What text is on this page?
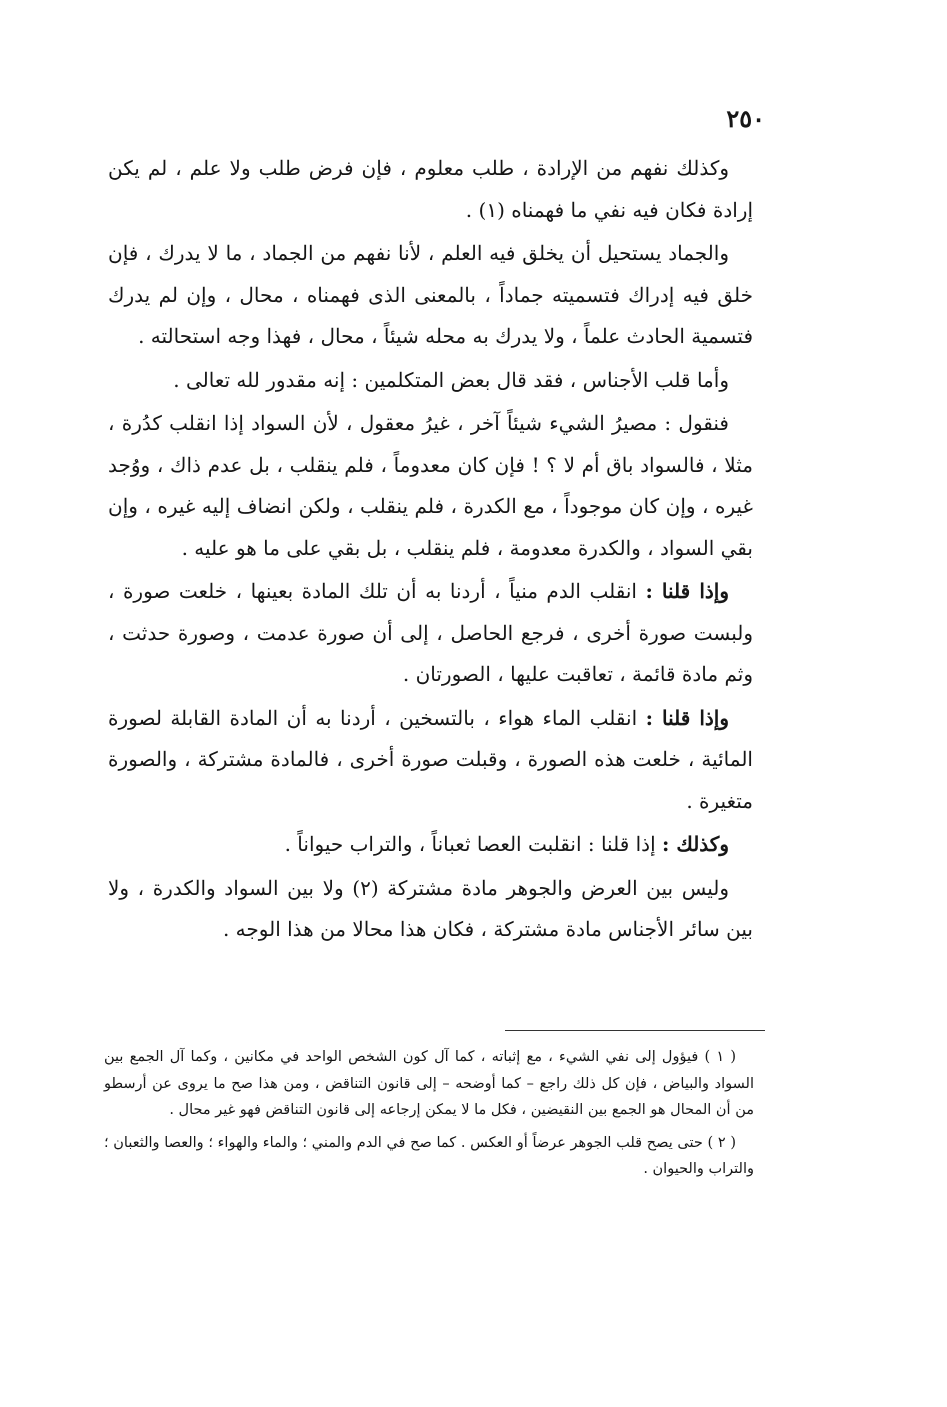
٢٥٠

وكذلك نفهم من الإرادة ، طلب معلوم ، فإن فرض طلب ولا علم ، لم يكن إرادة فكان فيه نفي ما فهمناه (١) .

والجماد يستحيل أن يخلق فيه العلم ، لأنا نفهم من الجماد ، ما لا يدرك ، فإن خلق فيه إدراك فتسميته جماداً ، بالمعنى الذى فهمناه ، محال ، وإن لم يدرك فتسمية الحادث علماً ، ولا يدرك به محله شيئاً ، محال ، فهذا وجه استحالته .

وأما قلب الأجناس ، فقد قال بعض المتكلمين : إنه مقدور لله تعالى .

فنقول : مصيرُ الشيء شيئاً آخر ، غيرُ معقول ، لأن السواد إذا انقلب كدُرة ، مثلا ، فالسواد باق أم لا ؟ ! فإن كان معدوماً ، فلم ينقلب ، بل عدم ذاك ، ووُجد غيره ، وإن كان موجوداً ، مع الكدرة ، فلم ينقلب ، ولكن انضاف إليه غيره ، وإن بقي السواد ، والكدرة معدومة ، فلم ينقلب ، بل بقي على ما هو عليه .

وإذا قلنا : انقلب الدم منياً ، أردنا به أن تلك المادة بعينها ، خلعت صورة ، ولبست صورة أخرى ، فرجع الحاصل ، إلى أن صورة عدمت ، وصورة حدثت ، وثم مادة قائمة ، تعاقبت عليها ، الصورتان .

وإذا قلنا : انقلب الماء هواء ، بالتسخين ، أردنا به أن المادة القابلة لصورة المائية ، خلعت هذه الصورة ، وقبلت صورة أخرى ، فالمادة مشتركة ، والصورة متغيرة .

وكذلك : إذا قلنا : انقلبت العصا ثعباناً ، والتراب حيواناً .

وليس بين العرض والجوهر مادة مشتركة (٢) ولا بين السواد والكدرة ، ولا بين سائر الأجناس مادة مشتركة ، فكان هذا محالا من هذا الوجه .

( ١ ) فيؤول إلى نفي الشيء ، مع إثباته ، كما آل كون الشخص الواحد في مكانين ، وكما آل الجمع بين السواد والبياض ، فإن كل ذلك راجع – كما أوضحه – إلى قانون التناقض ، ومن هذا صح ما يروى عن أرسطو من أن المحال هو الجمع بين النقيضين ، فكل ما لا يمكن إرجاعه إلى قانون التناقض فهو غير محال .

( ٢ ) حتى يصح قلب الجوهر عرضاً أو العكس . كما صح في الدم والمني ؛ والماء والهواء ؛ والعصا والثعبان ؛ والتراب والحيوان .
